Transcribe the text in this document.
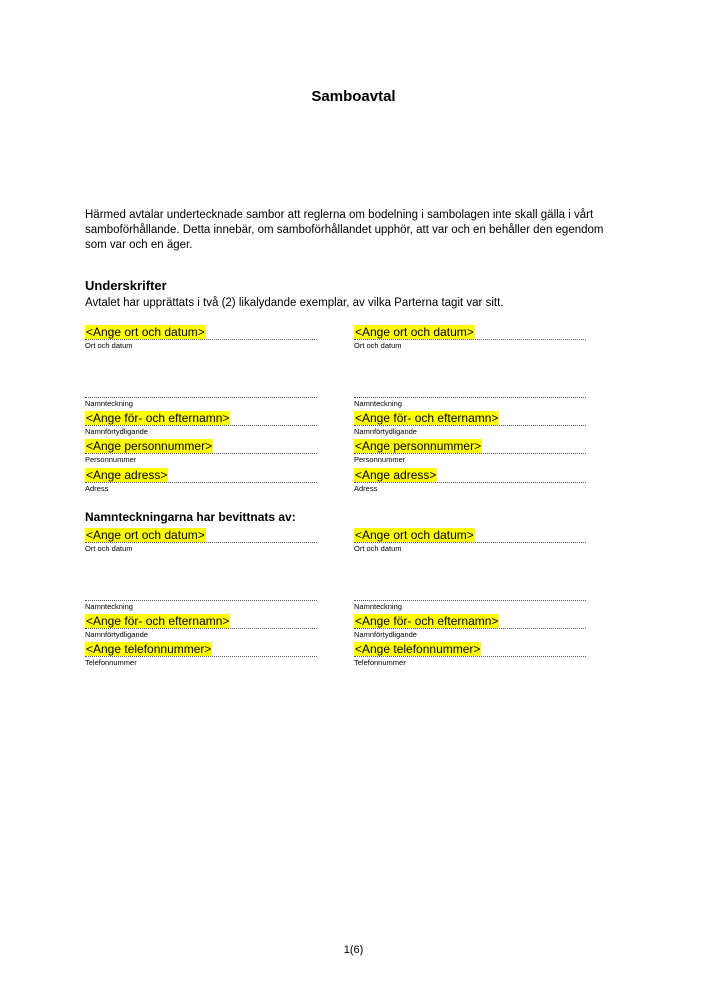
Samboavtal
Härmed avtalar undertecknade sambor att reglerna om bodelning i sambolagen inte skall gälla i vårt samboförhållande. Detta innebär, om samboförhållandet upphör, att var och en behåller den egendom som var och en äger.
Underskrifter
Avtalet har upprättats i två (2) likalydande exemplar, av vilka Parterna tagit var sitt.
<Ange ort och datum>
Ort och datum
Namnteckning
<Ange för- och efternamn>
Namnförtydligande
<Ange personnummer>
Personnummer
<Ange adress>
Adress
<Ange ort och datum>
Ort och datum
Namnteckning
<Ange för- och efternamn>
Namnförtydligande
<Ange personnummer>
Personnummer
<Ange adress>
Adress
Namnteckningarna har bevittnats av:
<Ange ort och datum>
Ort och datum
Namnteckning
<Ange för- och efternamn>
Namnförtydligande
<Ange telefonnummer>
Telefonnummer
<Ange ort och datum>
Ort och datum
Namnteckning
<Ange för- och efternamn>
Namnförtydligande
<Ange telefonnummer>
Telefonnummer
1(6)
